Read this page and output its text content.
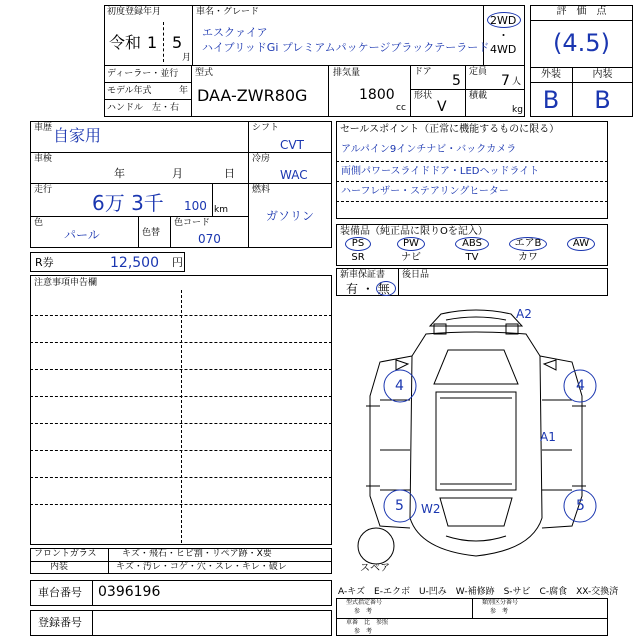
初度登録年月
令和 1 5
月
車名・グレード
エスクァイア
ハイブリッドGi プレミアムパッケージブラックテーラード
2WD
・
4WD
ディーラー・並行
モデル年式	年
ハンドル　左・右
型式
DAA-ZWR80G
排気量
1800
cc
ドア
5
定員
7 人
形状
V
積載
kg
評　価　点
(4.5)
外装	内装
B	B
車歴 自家用
車検
年	月	日
走行
6万 3千 100 km
色
パール	色替
色コード
070
シフト
CVT
冷房
WAC
燃料
ガソリン
R券	12,500 円
注意事項申告欄
セールスポイント（正常に機能するものに限る）
アルパイン9インチナビ・バックカメラ
両側パワースライドドア・LEDヘッドライト
ハーフレザー・ステアリングヒーター
装備品（純正品に限りOを記入）
PS	PW	ABS	エアB	AW
SR	ナビ	TV	カワ
新車保証書
有 ・ 無
後日品
A2
4	4
A1
5 W2	5
スペア
A-キズ　E-エクボ　U-凹み　W-補修跡　S-サビ　C-腐食　XX-交換済
フロントガラス	キズ・飛石・ヒビ割・リペア跡・X要
内装	キズ・汚レ・コゲ・穴・スレ・キレ・破レ
車台番号 0396196
登録番号
型式指定番号
参　考
類別区分番号
参　考
車番　比　参照
参　考
